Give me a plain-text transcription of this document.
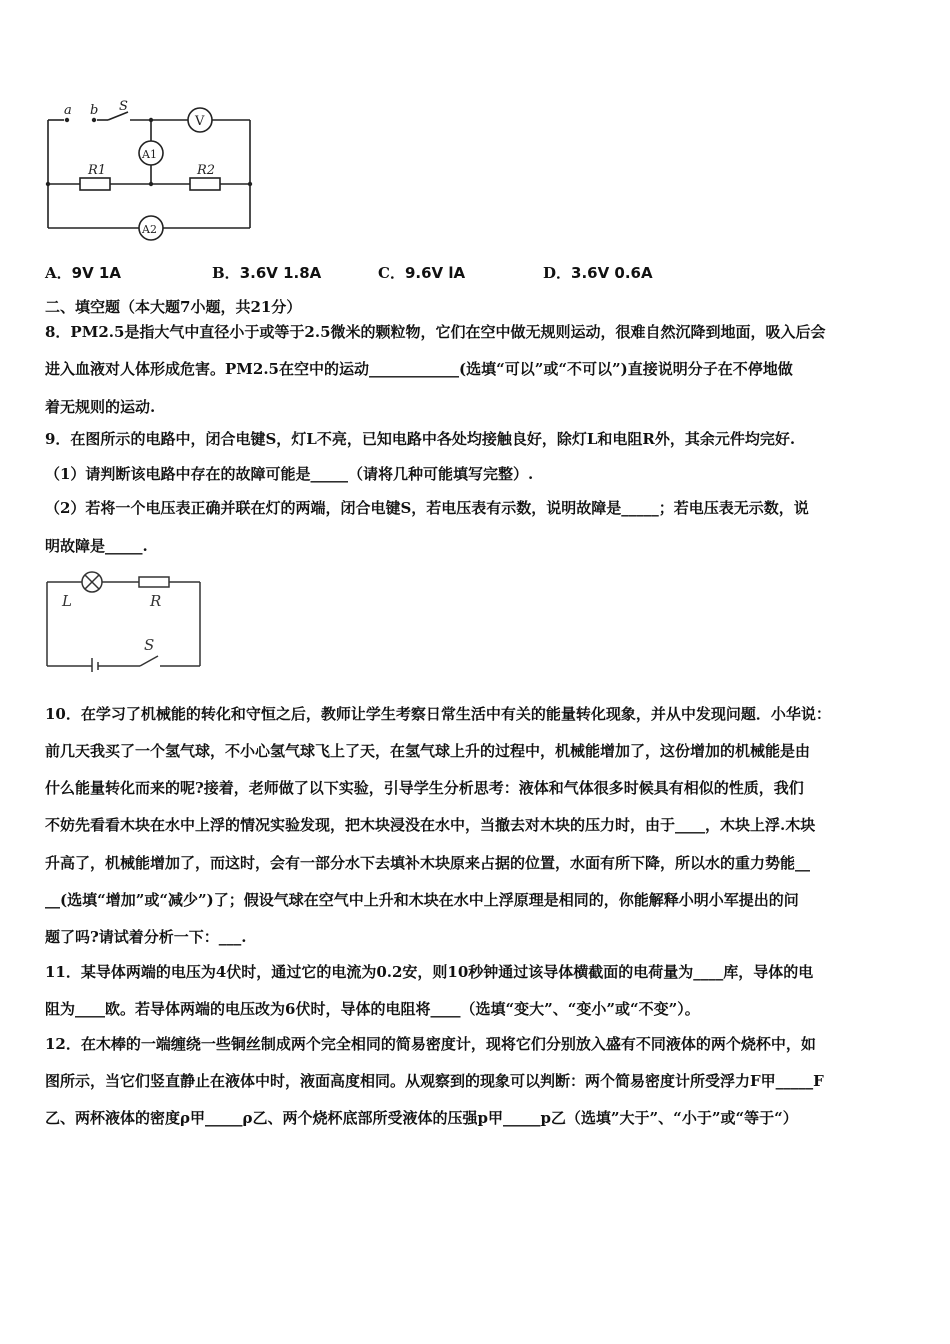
a b S
V
A1
A2
R1	R2
A．9V 1A	B．3.6V 1.8A	C．9.6V lA	D．3.6V 0.6A
二、填空题（本大题7小题，共21分）
8．PM2.5是指大气中直径小于或等于2.5微米的颗粒物，它们在空中做无规则运动，很难自然沉降到地面，吸入后会
进入血液对人体形成危害。PM2.5在空中的运动____________(选填“可以”或“不可以”)直接说明分子在不停地做
着无规则的运动.
9．在图所示的电路中，闭合电键S，灯L不亮，已知电路中各处均接触良好，除灯L和电阻R外，其余元件均完好.
（1）请判断该电路中存在的故障可能是_____（请将几种可能填写完整）.
（2）若将一个电压表正确并联在灯的两端，闭合电键S，若电压表有示数，说明故障是_____；若电压表无示数，说
明故障是_____.
L	R
S
10．在学习了机械能的转化和守恒之后，教师让学生考察日常生活中有关的能量转化现象，并从中发现问题．小华说：
前几天我买了一个氢气球，不小心氢气球飞上了天，在氢气球上升的过程中，机械能增加了，这份增加的机械能是由
什么能量转化而来的呢?接着，老师做了以下实验，引导学生分析思考：液体和气体很多时候具有相似的性质，我们
不妨先看看木块在水中上浮的情况实验发现，把木块浸没在水中，当撤去对木块的压力时，由于____，木块上浮.木块
升高了，机械能增加了，而这时，会有一部分水下去填补木块原来占据的位置，水面有所下降，所以水的重力势能__
__(选填“增加”或“减少”)了；假设气球在空气中上升和木块在水中上浮原理是相同的，你能解释小明小军提出的问
题了吗?请试着分析一下：___.
11．某导体两端的电压为4伏时，通过它的电流为0.2安，则10秒钟通过该导体横截面的电荷量为____库，导体的电
阻为____欧。若导体两端的电压改为6伏时，导体的电阻将____（选填“变大”、“变小”或“不变”）。
12．在木棒的一端缠绕一些铜丝制成两个完全相同的简易密度计，现将它们分别放入盛有不同液体的两个烧杯中，如
图所示，当它们竖直静止在液体中时，液面高度相同。从观察到的现象可以判断：两个简易密度计所受浮力F甲_____F
乙、两杯液体的密度ρ甲_____ρ乙、两个烧杯底部所受液体的压强p甲_____p乙（选填”大于”、“小于”或“等于“）
